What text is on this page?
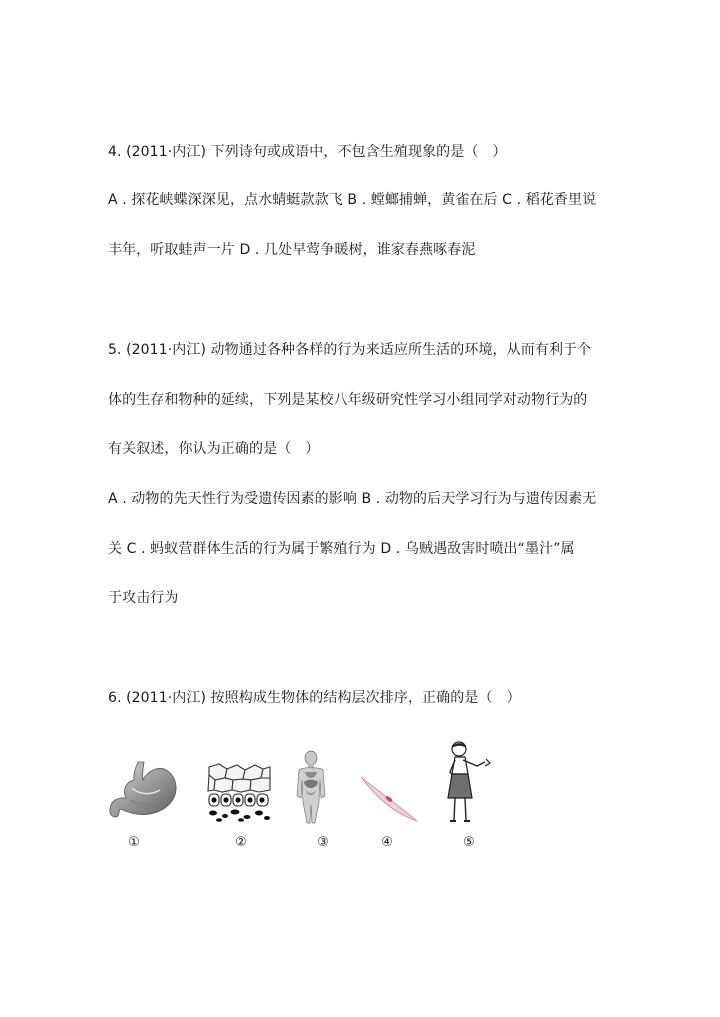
4. (2011·内江) 下列诗句或成语中，不包含生殖现象的是（　）
A . 探花峡蝶深深见，点水蜻蜓款款飞 B . 螳螂捕蝉，黄雀在后 C . 稻花香里说
丰年，听取蛙声一片 D . 几处早莺争暖树，谁家春燕啄春泥
5. (2011·内江) 动物通过各种各样的行为来适应所生活的环境，从而有利于个
体的生存和物种的延续，下列是某校八年级研究性学习小组同学对动物行为的
有关叙述，你认为正确的是（　）
A . 动物的先天性行为受遗传因素的影响 B . 动物的后天学习行为与遗传因素无
关 C . 蚂蚁营群体生活的行为属于繁殖行为 D . 乌贼遇敌害时喷出“墨汁”属
于攻击行为
6. (2011·内江) 按照构成生物体的结构层次排序，正确的是（　）
①	②	③	④	⑤
